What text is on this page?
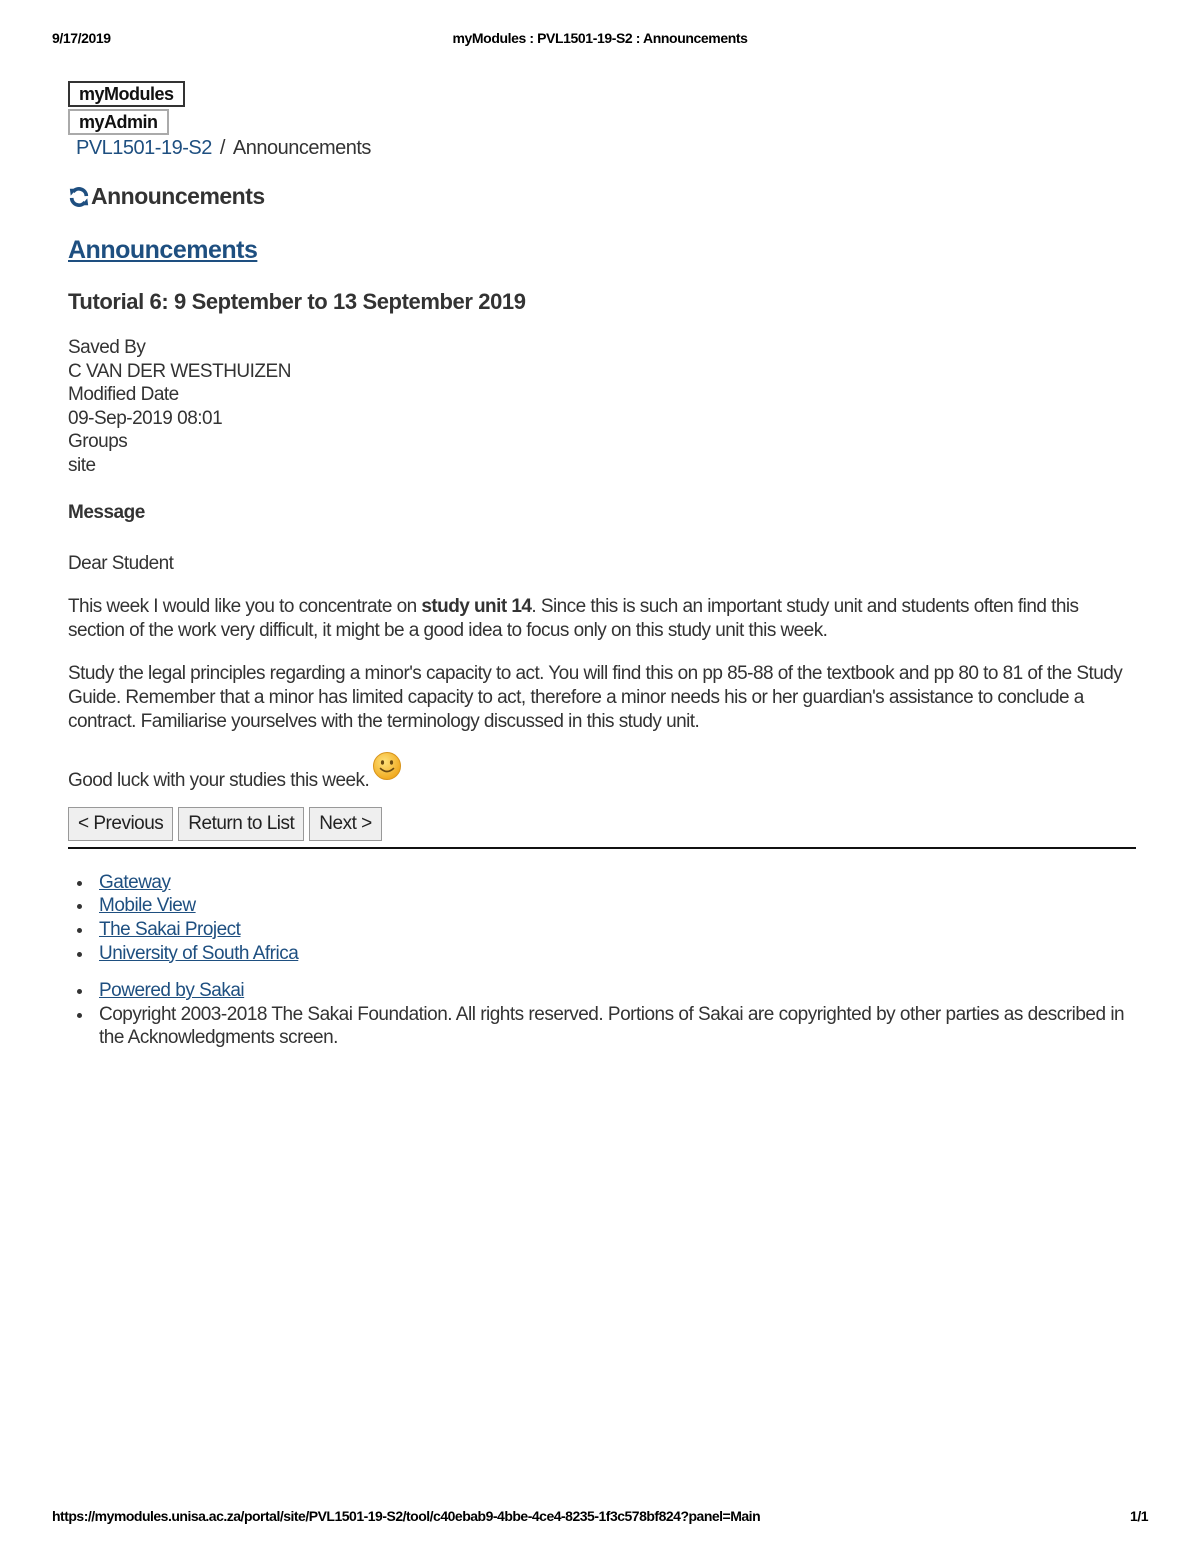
9/17/2019	myModules : PVL1501-19-S2 : Announcements
myModules
myAdmin
PVL1501-19-S2 / Announcements
Announcements
Announcements
Tutorial 6: 9 September to 13 September 2019
Saved By
C VAN DER WESTHUIZEN
Modified Date
09-Sep-2019 08:01
Groups
site
Message

Dear Student

This week I would like you to concentrate on study unit 14. Since this is such an important study unit and students often find this section of the work very difficult, it might be a good idea to focus only on this study unit this week.

Study the legal principles regarding a minor's capacity to act. You will find this on pp 85-88 of the textbook and pp 80 to 81 of the Study Guide. Remember that a minor has limited capacity to act, therefore a minor needs his or her guardian's assistance to conclude a contract. Familiarise yourselves with the terminology discussed in this study unit.

Good luck with your studies this week.

< Previous	Return to List	Next >
Gateway
Mobile View
The Sakai Project
University of South Africa
Powered by Sakai
Copyright 2003-2018 The Sakai Foundation. All rights reserved. Portions of Sakai are copyrighted by other parties as described in the Acknowledgments screen.
https://mymodules.unisa.ac.za/portal/site/PVL1501-19-S2/tool/c40ebab9-4bbe-4ce4-8235-1f3c578bf824?panel=Main	1/1
